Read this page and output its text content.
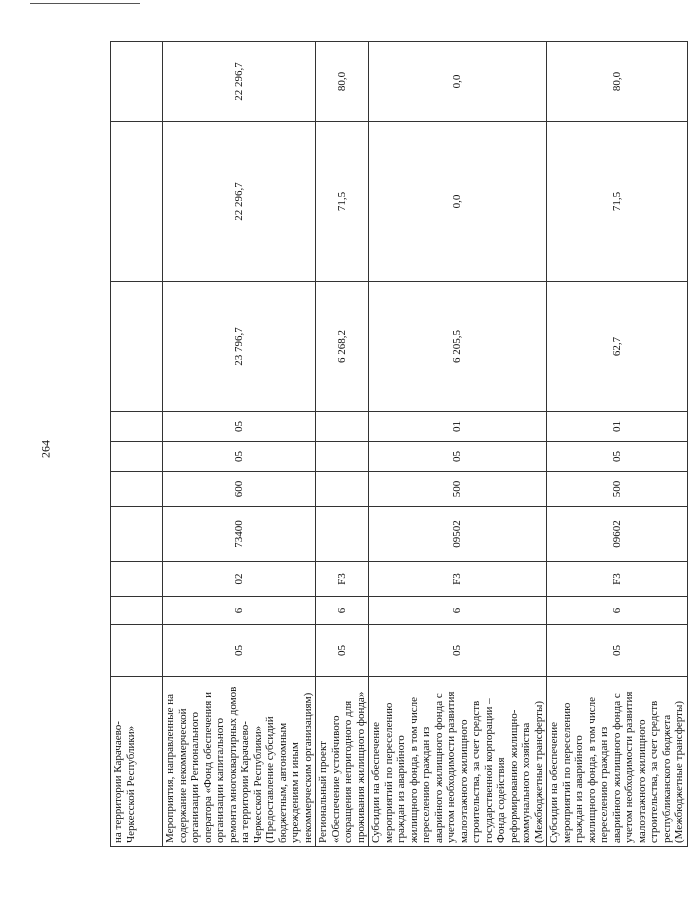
264
на территории Карачаево-Черкесской Республики»										
Мероприятия, направленные на содержание некоммерческой организации Регионального оператора «Фонд обеспечения и организации капитального ремонта многоквартирных домов на территории Карачаево-Черкесской Республики» (Предоставление субсидий бюджетным, автономным учреждениям и иным некоммерческим организациям)	05	6	02	73400	600	05	05	23 796,7	22 296,7	22 296,7
Региональный проект «Обеспечение устойчивого сокращения непригодного для проживания жилищного фонда»	05	6	F3					6 268,2	71,5	80,0
Субсидии на обеспечение мероприятий по переселению граждан из аварийного жилищного фонда, в том числе переселению граждан из аварийного жилищного фонда с учетом необходимости развития малоэтажного жилищного строительства, за счет средств государственной корпорации – Фонда содействия реформированию жилищно-коммунального хозяйства (Межбюджетные трансферты)	05	6	F3	09502	500	05	01	6 205,5	0,0	0,0
Субсидии на обеспечение мероприятий по переселению граждан из аварийного жилищного фонда, в том числе переселению граждан из аварийного жилищного фонда с учетом необходимости развития малоэтажного жилищного строительства, за счет средств республиканского бюджета (Межбюджетные трансферты)	05	6	F3	09602	500	05	01	62,7	71,5	80,0
